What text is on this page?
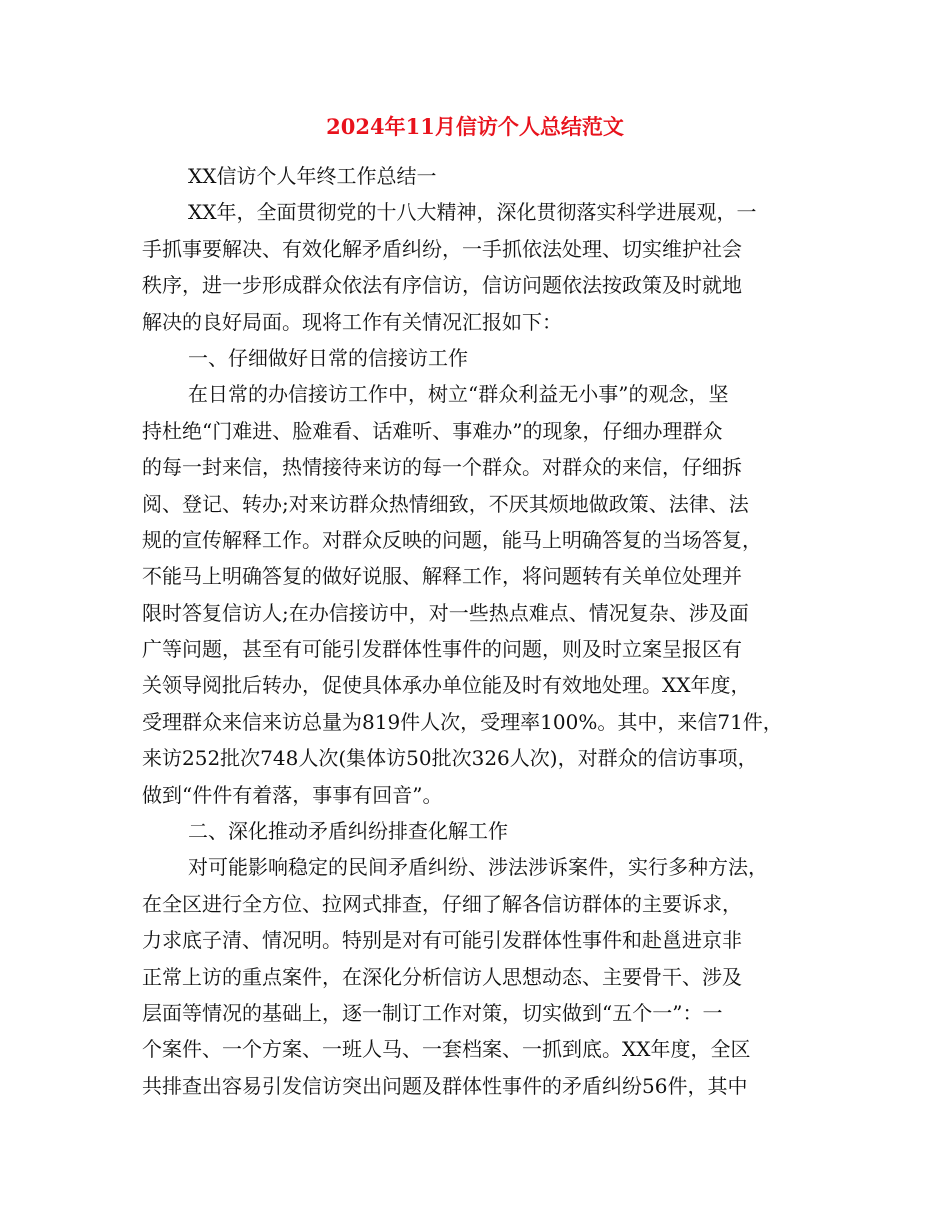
2024年11月信访个人总结范文
XX信访个人年终工作总结一
XX年，全面贯彻党的十八大精神，深化贯彻落实科学进展观，一
手抓事要解决、有效化解矛盾纠纷，一手抓依法处理、切实维护社会
秩序，进一步形成群众依法有序信访，信访问题依法按政策及时就地
解决的良好局面。现将工作有关情况汇报如下：
一、仔细做好日常的信接访工作
在日常的办信接访工作中，树立“群众利益无小事”的观念，坚
持杜绝“门难进、脸难看、话难听、事难办”的现象，仔细办理群众
的每一封来信，热情接待来访的每一个群众。对群众的来信，仔细拆
阅、登记、转办;对来访群众热情细致，不厌其烦地做政策、法律、法
规的宣传解释工作。对群众反映的问题，能马上明确答复的当场答复，
不能马上明确答复的做好说服、解释工作，将问题转有关单位处理并
限时答复信访人;在办信接访中，对一些热点难点、情况复杂、涉及面
广等问题，甚至有可能引发群体性事件的问题，则及时立案呈报区有
关领导阅批后转办，促使具体承办单位能及时有效地处理。XX年度，
受理群众来信来访总量为819件人次，受理率100%。其中，来信71件，
来访252批次748人次(集体访50批次326人次)，对群众的信访事项，
做到“件件有着落，事事有回音”。
二、深化推动矛盾纠纷排查化解工作
对可能影响稳定的民间矛盾纠纷、涉法涉诉案件，实行多种方法，
在全区进行全方位、拉网式排查，仔细了解各信访群体的主要诉求，
力求底子清、情况明。特别是对有可能引发群体性事件和赴邕进京非
正常上访的重点案件，在深化分析信访人思想动态、主要骨干、涉及
层面等情况的基础上，逐一制订工作对策，切实做到“五个一”：一
个案件、一个方案、一班人马、一套档案、一抓到底。XX年度，全区
共排查出容易引发信访突出问题及群体性事件的矛盾纠纷56件，其中
